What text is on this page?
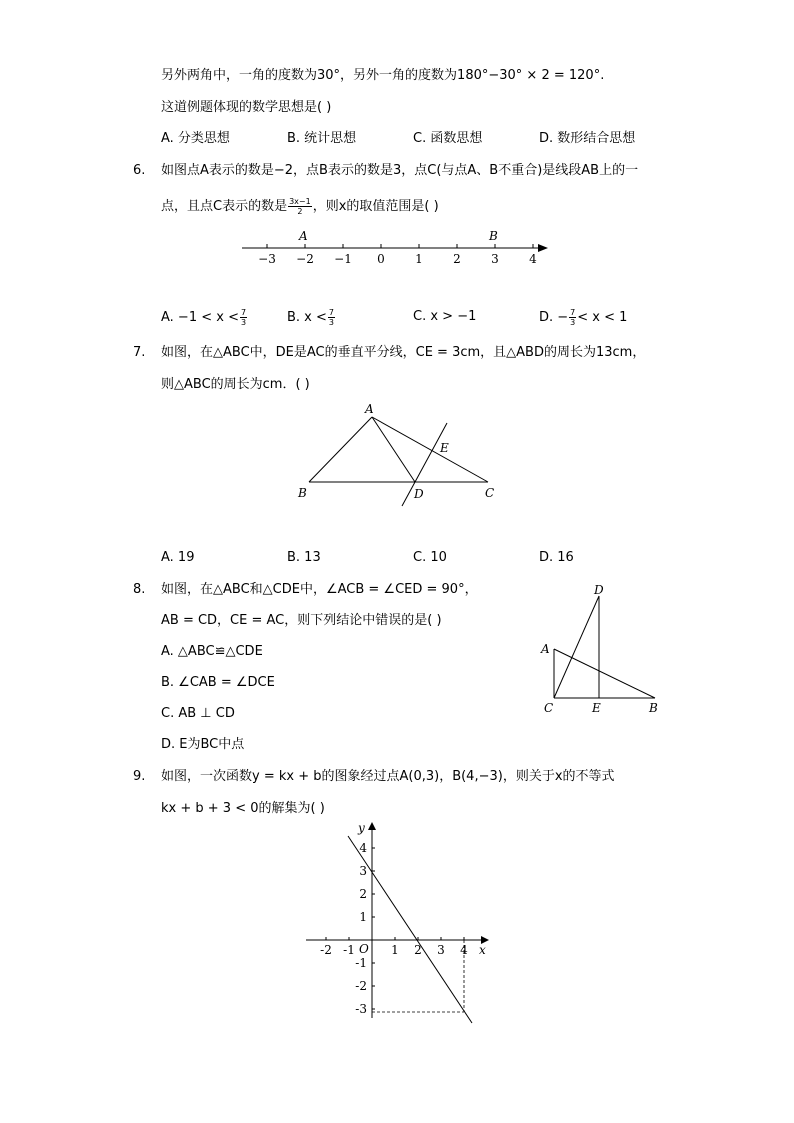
另外两角中，一角的度数为30°，另外一角的度数为180°−30° × 2 = 120°.
这道例题体现的数学思想是( )
A. 分类思想	B. 统计思想	C. 函数思想	D. 数形结合思想
6. 如图点A表示的数是−2，点B表示的数是3，点C(与点A、B不重合)是线段AB上的一
点，且点C表示的数是 $\frac{3x-1}{2}$ ，则x的取值范围是( )
−3 −2 −1 0	1	2	3	4
A	B
A. $-1 < x < \frac{7}{3}$	B. $x < \frac{7}{3}$	C. x > −1	D. − $\frac{7}{3} < x < 1$
7. 如图，在△ABC中，DE是AC的垂直平分线，CE = 3cm，且△ABD的周长为13cm，
则△ABC的周长为cm．( )
A
B	C
D
E
A. 19	B. 13	C. 10	D. 16
8. 如图，在△ABC和△CDE中，∠ACB = ∠CED = 90°，
AB = CD，CE = AC，则下列结论中错误的是( )
A. △ABC≌△CDE
B. ∠CAB = ∠DCE
C. AB ⊥ CD
D. E为BC中点
A
B
C
D
E
9. 如图，一次函数y = kx + b的图象经过点A(0,3)，B(4,−3)，则关于x的不等式
kx + b + 3 < 0的解集为( )
-2 -1	1 2 3 4
4
3
2
1
-1
-2
-3
x
y
O
